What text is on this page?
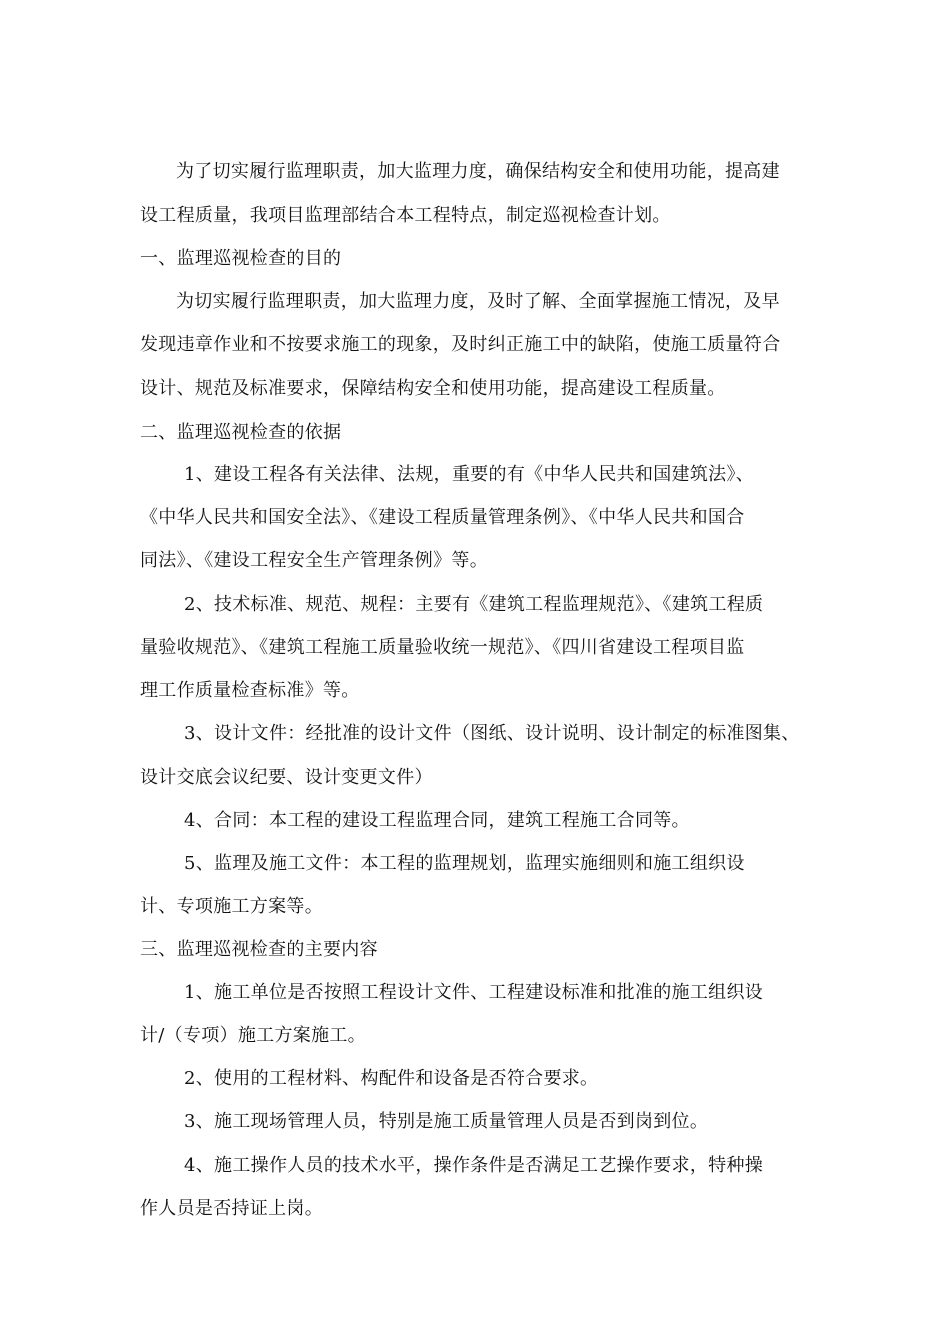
为了切实履行监理职责，加大监理力度，确保结构安全和使用功能，提高建
设工程质量，我项目监理部结合本工程特点，制定巡视检查计划。
一、监理巡视检查的目的
为切实履行监理职责，加大监理力度，及时了解、全面掌握施工情况，及早
发现违章作业和不按要求施工的现象，及时纠正施工中的缺陷，使施工质量符合
设计、规范及标准要求，保障结构安全和使用功能，提高建设工程质量。
二、监理巡视检查的依据
1、建设工程各有关法律、法规，重要的有《中华人民共和国建筑法》、
《中华人民共和国安全法》、《建设工程质量管理条例》、《中华人民共和国合
同法》、《建设工程安全生产管理条例》等。
2、技术标准、规范、规程：主要有《建筑工程监理规范》、《建筑工程质
量验收规范》、《建筑工程施工质量验收统一规范》、《四川省建设工程项目监
理工作质量检查标准》等。
3、设计文件：经批准的设计文件（图纸、设计说明、设计制定的标准图集、
设计交底会议纪要、设计变更文件）
4、合同：本工程的建设工程监理合同，建筑工程施工合同等。
5、监理及施工文件：本工程的监理规划，监理实施细则和施工组织设
计、专项施工方案等。
三、监理巡视检查的主要内容
1、施工单位是否按照工程设计文件、工程建设标准和批准的施工组织设
计/（专项）施工方案施工。
2、使用的工程材料、构配件和设备是否符合要求。
3、施工现场管理人员，特别是施工质量管理人员是否到岗到位。
4、施工操作人员的技术水平，操作条件是否满足工艺操作要求，特种操
作人员是否持证上岗。
